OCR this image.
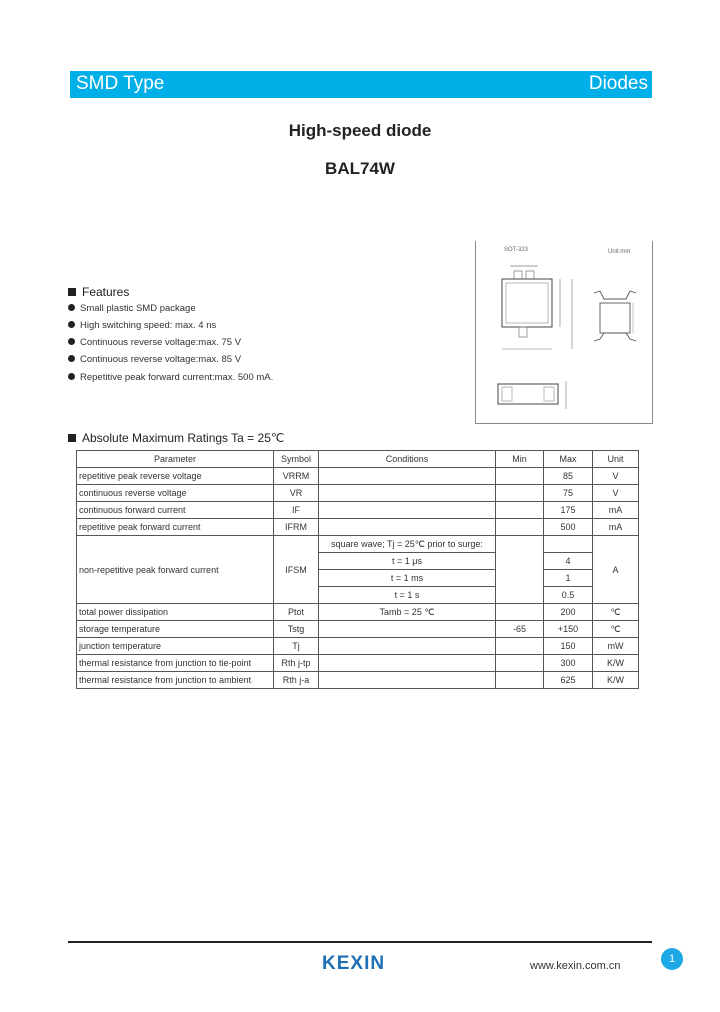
SMD Type	Diodes
High-speed diode
BAL74W
SOT-323	Unit:mm
Features
Small plastic SMD package
High switching speed: max. 4 ns
Continuous reverse voltage:max. 75 V
Continuous reverse voltage:max. 85 V
Repetitive peak forward current:max. 500 mA.
Absolute Maximum Ratings Ta = 25℃
Parameter	Symbol	Conditions	Min	Max	Unit
repetitive peak reverse voltage	VRRM			85	V
continuous reverse voltage	VR			75	V
continuous forward current	IF			175	mA
repetitive peak forward current	IFRM			500	mA
non-repetitive peak forward current	IFSM	square wave; Tj = 25℃ prior to surge:			A
		t = 1 μs		4	
		t = 1 ms		1	
		t = 1 s		0.5	
total power dissipation	Ptot	Tamb = 25 ℃		200	℃
storage temperature	Tstg		-65	+150	℃
junction temperature	Tj			150	mW
thermal resistance from junction to tie-point	Rth j-tp			300	K/W
thermal resistance from junction to ambient	Rth j-a			625	K/W
KEXIN	www.kexin.com.cn
1
